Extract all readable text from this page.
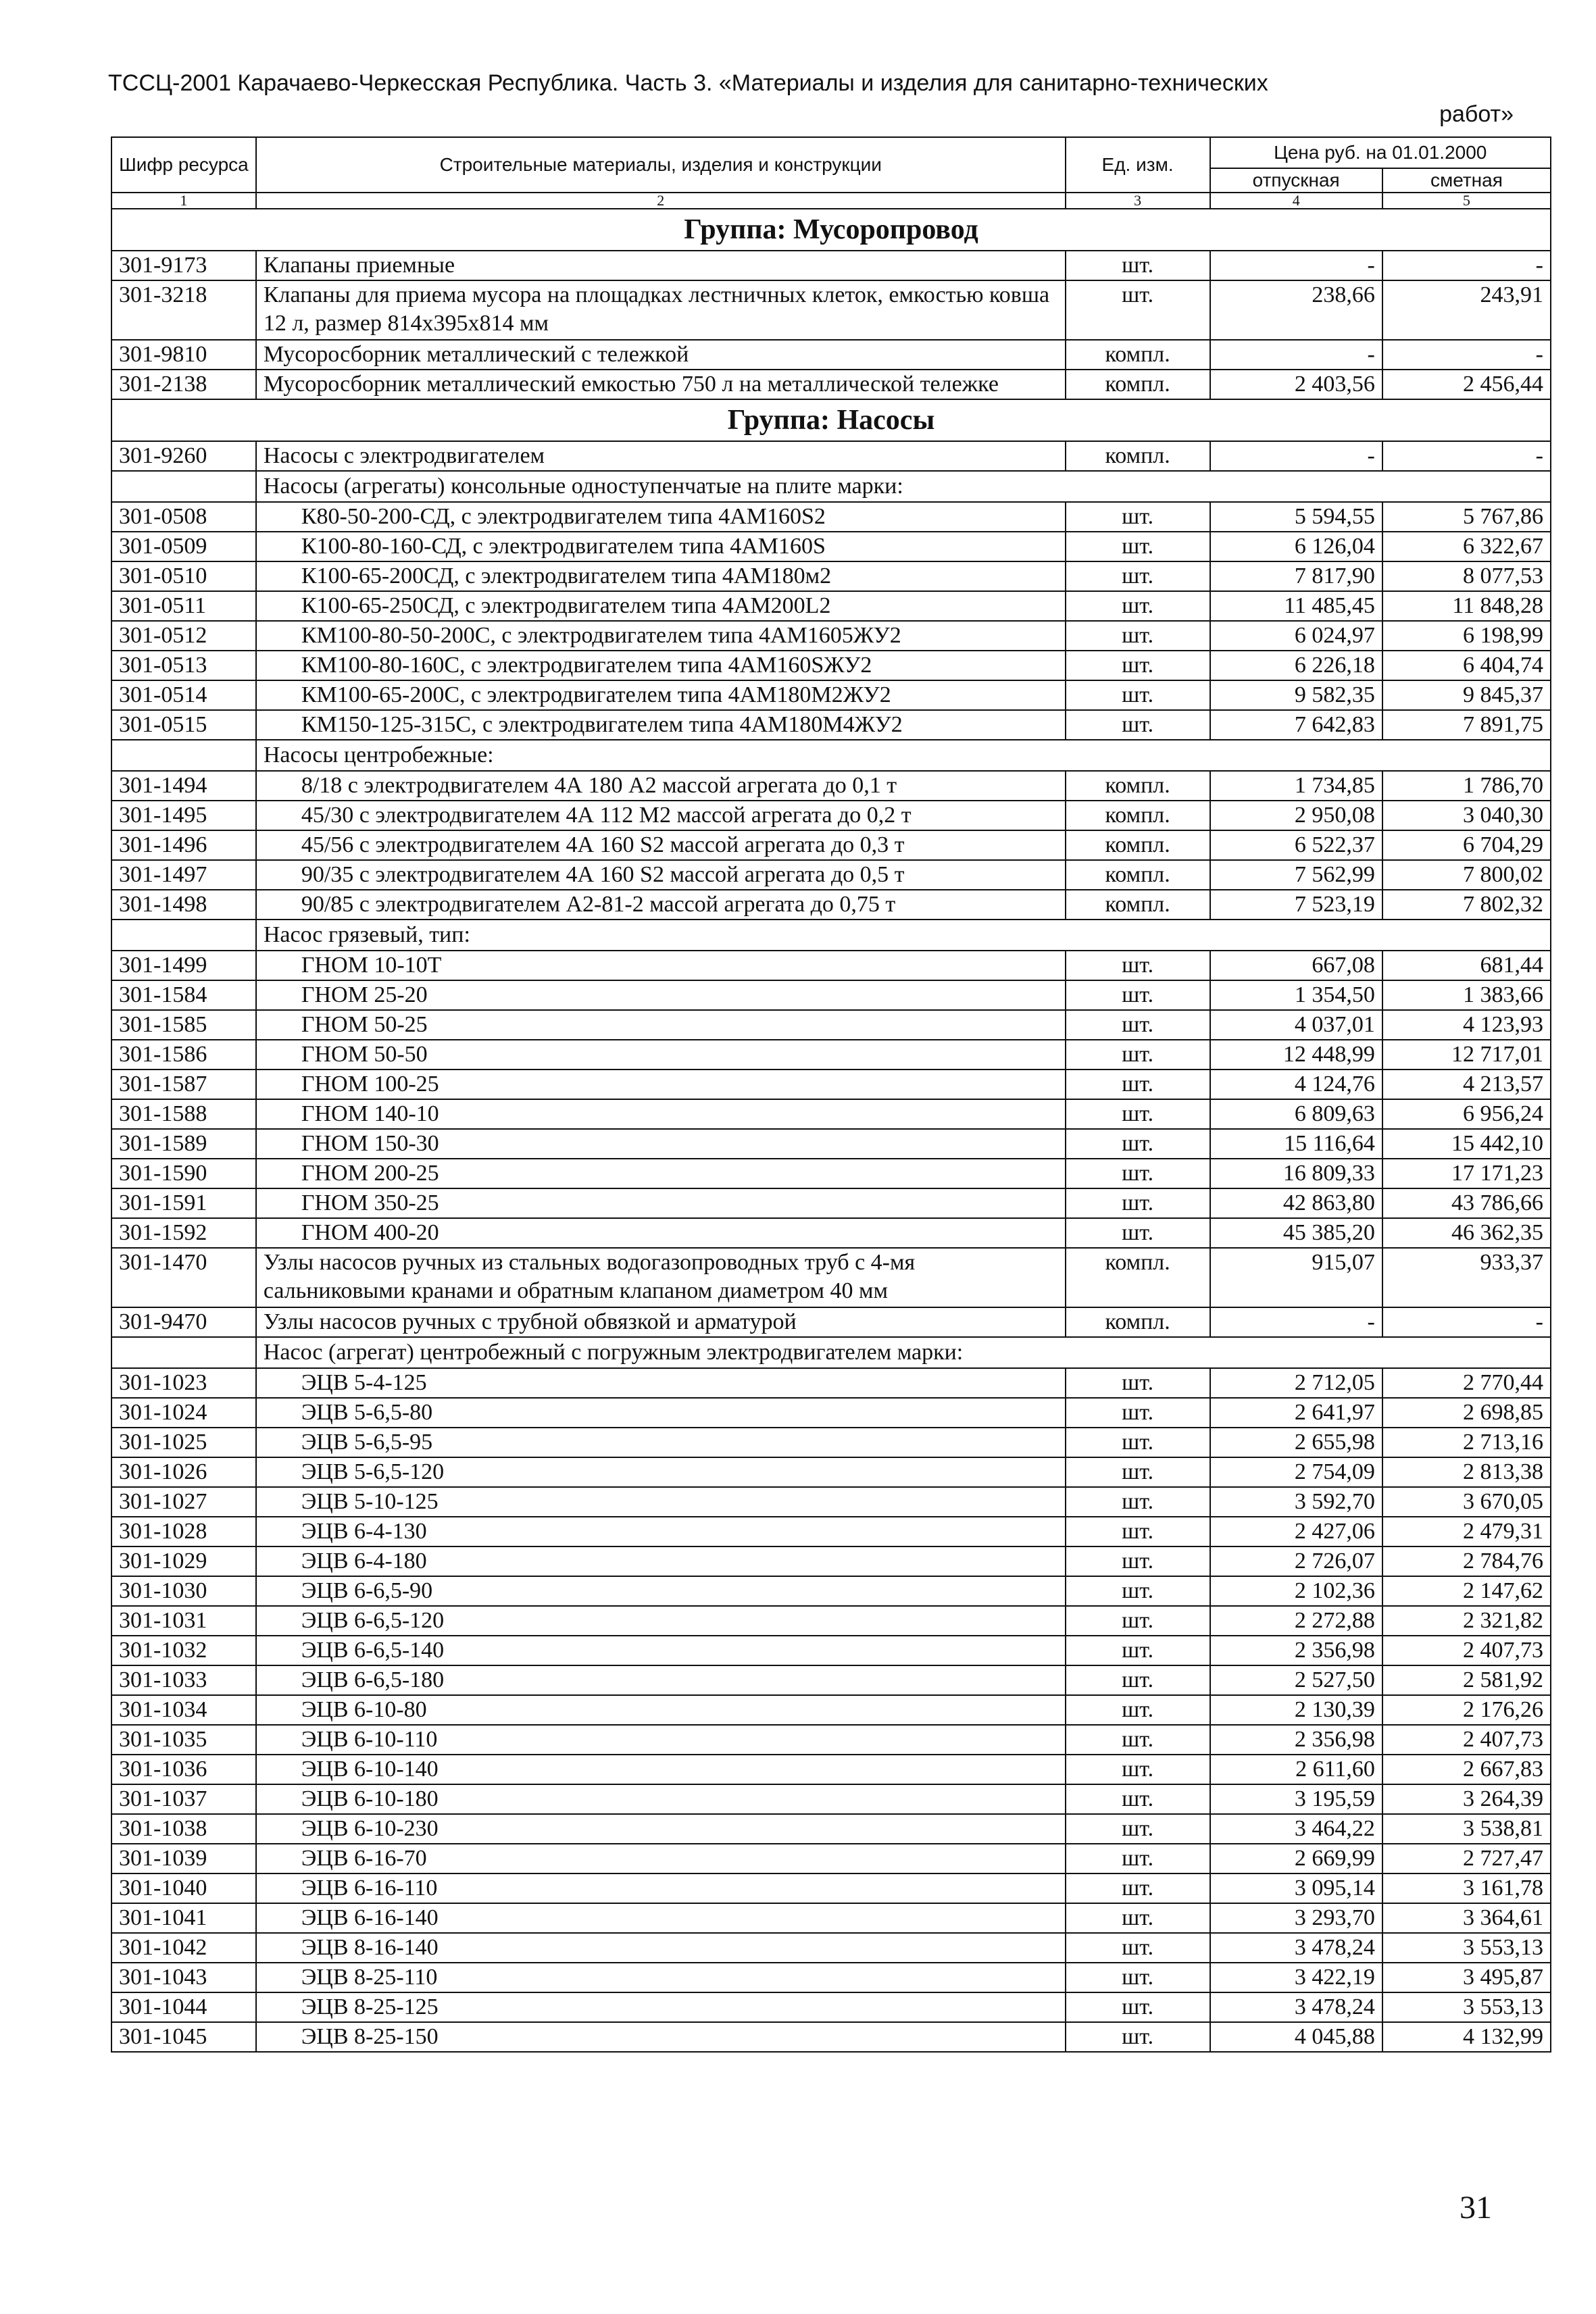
ТССЦ-2001 Карачаево-Черкесская Республика. Часть 3. «Материалы и изделия для санитарно-технических
работ»
Шифр ресурса	Строительные материалы, изделия и конструкции	Ед. изм.	Цена руб. на 01.01.2000	
			отпускная	сметная
1	2	3	4	5
Группа: Мусоропровод				
301-9173	Клапаны приемные	шт.	-	-
301-3218	Клапаны для приема мусора на площадках лестничных клеток, емкостью ковша 12 л, размер 814х395х814 мм	шт.	238,66	243,91
301-9810	Мусоросборник металлический с тележкой	компл.	-	-
301-2138	Мусоросборник металлический емкостью 750 л на металлической тележке	компл.	2 403,56	2 456,44
Группа: Насосы				
301-9260	Насосы с электродвигателем	компл.	-	-
	Насосы (агрегаты) консольные одноступенчатые на плите марки:			
301-0508	К80-50-200-СД, с электродвигателем типа 4АМ160S2	шт.	5 594,55	5 767,86
301-0509	К100-80-160-СД, с электродвигателем типа 4АМ160S	шт.	6 126,04	6 322,67
301-0510	К100-65-200СД, с электродвигателем типа 4АМ180м2	шт.	7 817,90	8 077,53
301-0511	К100-65-250СД, с электродвигателем типа 4АМ200L2	шт.	11 485,45	11 848,28
301-0512	КМ100-80-50-200С, с электродвигателем типа 4АМ1605ЖУ2	шт.	6 024,97	6 198,99
301-0513	КМ100-80-160С, с электродвигателем типа 4АМ160SЖУ2	шт.	6 226,18	6 404,74
301-0514	КМ100-65-200С, с электродвигателем типа 4АМ180М2ЖУ2	шт.	9 582,35	9 845,37
301-0515	КМ150-125-315С, с электродвигателем типа 4АМ180М4ЖУ2	шт.	7 642,83	7 891,75
	Насосы центробежные:			
301-1494	8/18 с электродвигателем 4А 180 А2 массой агрегата до 0,1 т	компл.	1 734,85	1 786,70
301-1495	45/30 с электродвигателем 4А 112 М2 массой агрегата до 0,2 т	компл.	2 950,08	3 040,30
301-1496	45/56 с электродвигателем 4А 160 S2 массой агрегата до 0,3 т	компл.	6 522,37	6 704,29
301-1497	90/35 с электродвигателем 4А 160 S2 массой агрегата до 0,5 т	компл.	7 562,99	7 800,02
301-1498	90/85 с электродвигателем А2-81-2 массой агрегата до 0,75 т	компл.	7 523,19	7 802,32
	Насос грязевый, тип:			
301-1499	ГНОМ 10-10Т	шт.	667,08	681,44
301-1584	ГНОМ 25-20	шт.	1 354,50	1 383,66
301-1585	ГНОМ 50-25	шт.	4 037,01	4 123,93
301-1586	ГНОМ 50-50	шт.	12 448,99	12 717,01
301-1587	ГНОМ 100-25	шт.	4 124,76	4 213,57
301-1588	ГНОМ 140-10	шт.	6 809,63	6 956,24
301-1589	ГНОМ 150-30	шт.	15 116,64	15 442,10
301-1590	ГНОМ 200-25	шт.	16 809,33	17 171,23
301-1591	ГНОМ 350-25	шт.	42 863,80	43 786,66
301-1592	ГНОМ 400-20	шт.	45 385,20	46 362,35
301-1470	Узлы насосов ручных из стальных водогазопроводных труб с 4-мя сальниковыми кранами и обратным клапаном диаметром 40 мм	компл.	915,07	933,37
301-9470	Узлы насосов ручных с трубной обвязкой и арматурой	компл.	-	-
	Насос (агрегат) центробежный с погружным электродвигателем марки:			
301-1023	ЭЦВ 5-4-125	шт.	2 712,05	2 770,44
301-1024	ЭЦВ 5-6,5-80	шт.	2 641,97	2 698,85
301-1025	ЭЦВ 5-6,5-95	шт.	2 655,98	2 713,16
301-1026	ЭЦВ 5-6,5-120	шт.	2 754,09	2 813,38
301-1027	ЭЦВ 5-10-125	шт.	3 592,70	3 670,05
301-1028	ЭЦВ 6-4-130	шт.	2 427,06	2 479,31
301-1029	ЭЦВ 6-4-180	шт.	2 726,07	2 784,76
301-1030	ЭЦВ 6-6,5-90	шт.	2 102,36	2 147,62
301-1031	ЭЦВ 6-6,5-120	шт.	2 272,88	2 321,82
301-1032	ЭЦВ 6-6,5-140	шт.	2 356,98	2 407,73
301-1033	ЭЦВ 6-6,5-180	шт.	2 527,50	2 581,92
301-1034	ЭЦВ 6-10-80	шт.	2 130,39	2 176,26
301-1035	ЭЦВ 6-10-110	шт.	2 356,98	2 407,73
301-1036	ЭЦВ 6-10-140	шт.	2 611,60	2 667,83
301-1037	ЭЦВ 6-10-180	шт.	3 195,59	3 264,39
301-1038	ЭЦВ 6-10-230	шт.	3 464,22	3 538,81
301-1039	ЭЦВ 6-16-70	шт.	2 669,99	2 727,47
301-1040	ЭЦВ 6-16-110	шт.	3 095,14	3 161,78
301-1041	ЭЦВ 6-16-140	шт.	3 293,70	3 364,61
301-1042	ЭЦВ 8-16-140	шт.	3 478,24	3 553,13
301-1043	ЭЦВ 8-25-110	шт.	3 422,19	3 495,87
301-1044	ЭЦВ 8-25-125	шт.	3 478,24	3 553,13
301-1045	ЭЦВ 8-25-150	шт.	4 045,88	4 132,99
31
